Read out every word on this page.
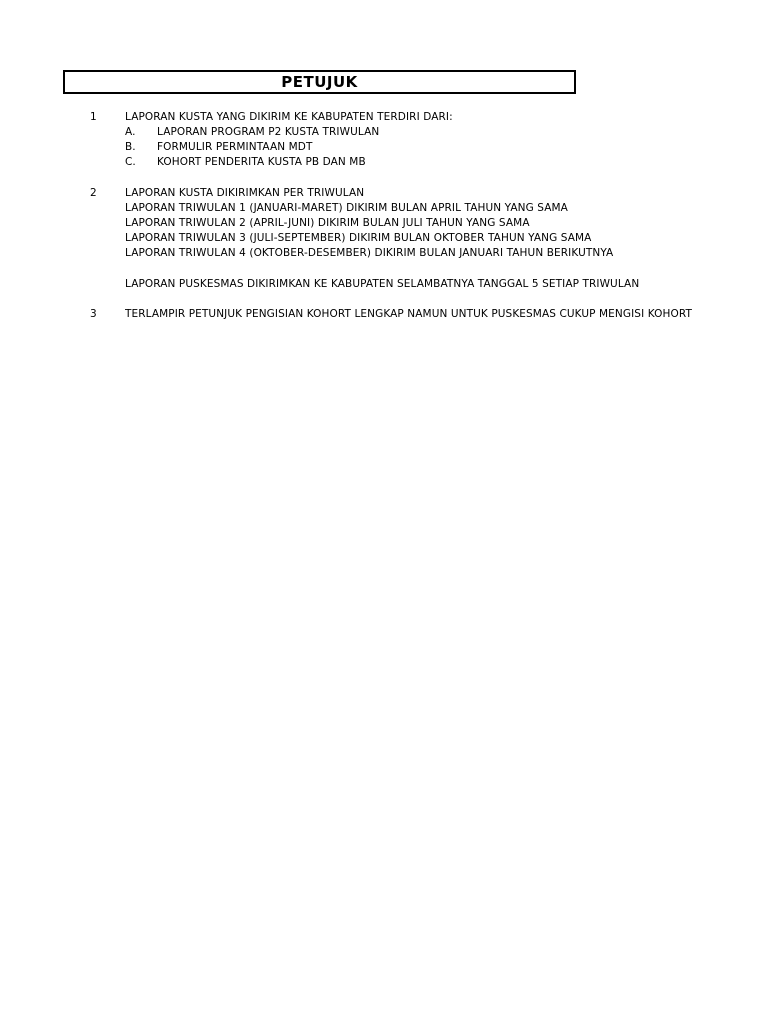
PETUJUK
1	LAPORAN KUSTA YANG DIKIRIM KE KABUPATEN TERDIRI DARI:
A. LAPORAN PROGRAM P2 KUSTA TRIWULAN
B. FORMULIR PERMINTAAN MDT
C. KOHORT PENDERITA KUSTA PB DAN MB
2	LAPORAN KUSTA DIKIRIMKAN PER TRIWULAN
LAPORAN TRIWULAN 1 (JANUARI-MARET) DIKIRIM BULAN APRIL TAHUN YANG SAMA
LAPORAN TRIWULAN 2 (APRIL-JUNI) DIKIRIM BULAN JULI TAHUN YANG SAMA
LAPORAN TRIWULAN 3 (JULI-SEPTEMBER) DIKIRIM BULAN OKTOBER TAHUN YANG SAMA
LAPORAN TRIWULAN 4 (OKTOBER-DESEMBER) DIKIRIM BULAN JANUARI TAHUN BERIKUTNYA
LAPORAN PUSKESMAS DIKIRIMKAN KE KABUPATEN SELAMBATNYA TANGGAL 5 SETIAP TRIWULAN
3	TERLAMPIR PETUNJUK PENGISIAN KOHORT LENGKAP NAMUN UNTUK PUSKESMAS CUKUP MENGISI KOHORT
